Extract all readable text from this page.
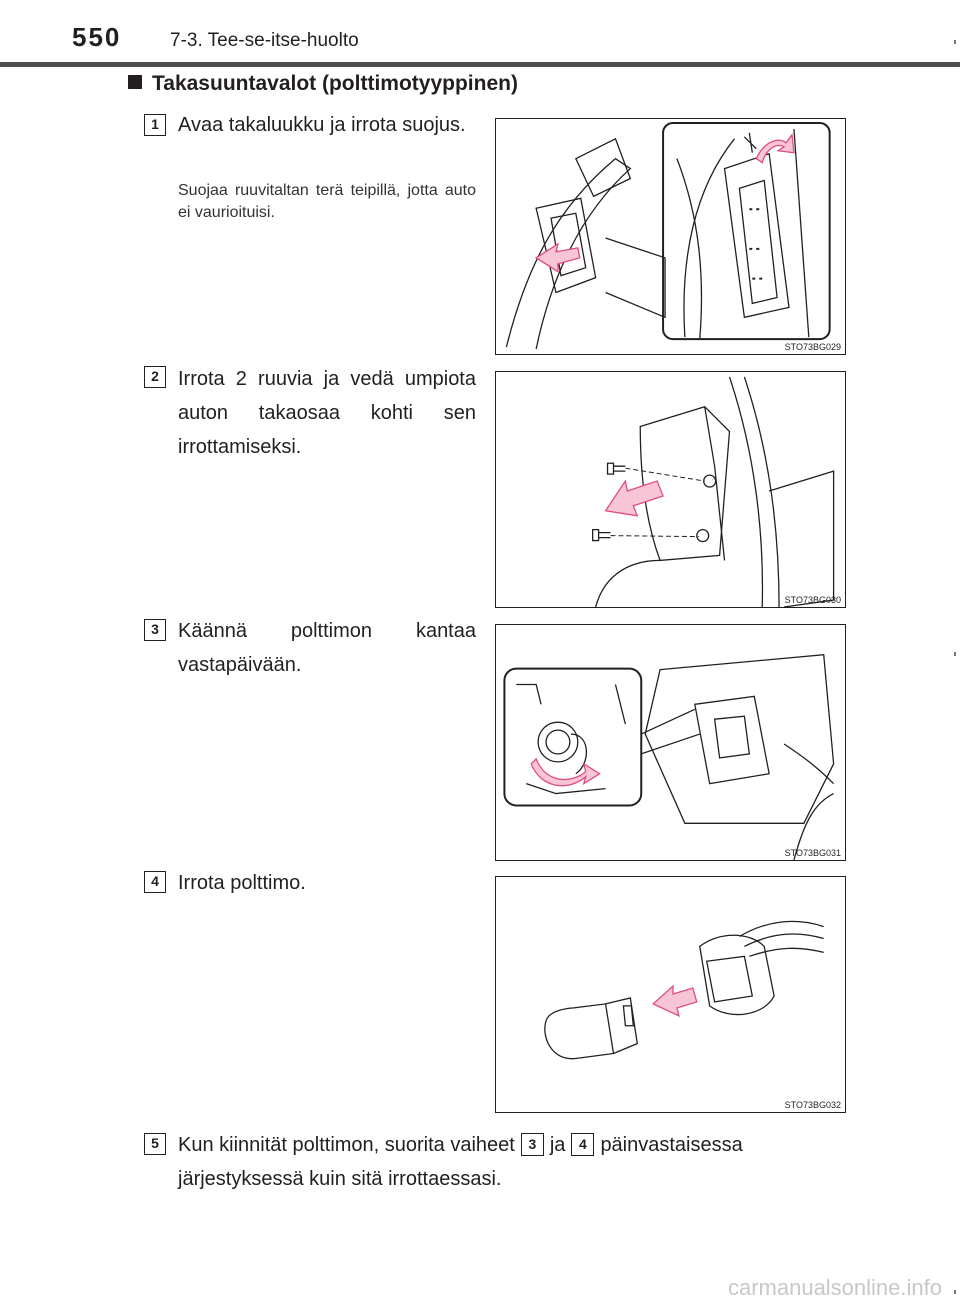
550	7-3. Tee-se-itse-huolto
Takasuuntavalot (polttimotyyppinen)
1 Avaa takaluukku ja irrota suojus.
Suojaa ruuvitaltan terä teipillä, jotta auto ei vaurioituisi.
STO73BG029
2 Irrota 2 ruuvia ja vedä umpiota auton takaosaa kohti sen irrottamiseksi.
STO73BG030
3 Käännä polttimon kantaa vastapäivään.
STO73BG031
4 Irrota polttimo.
STO73BG032
5 Kun kiinnität polttimon, suorita vaiheet 3 ja 4 päinvastaisessa järjestyksessä kuin sitä irrottaessasi.
carmanualsonline.info
